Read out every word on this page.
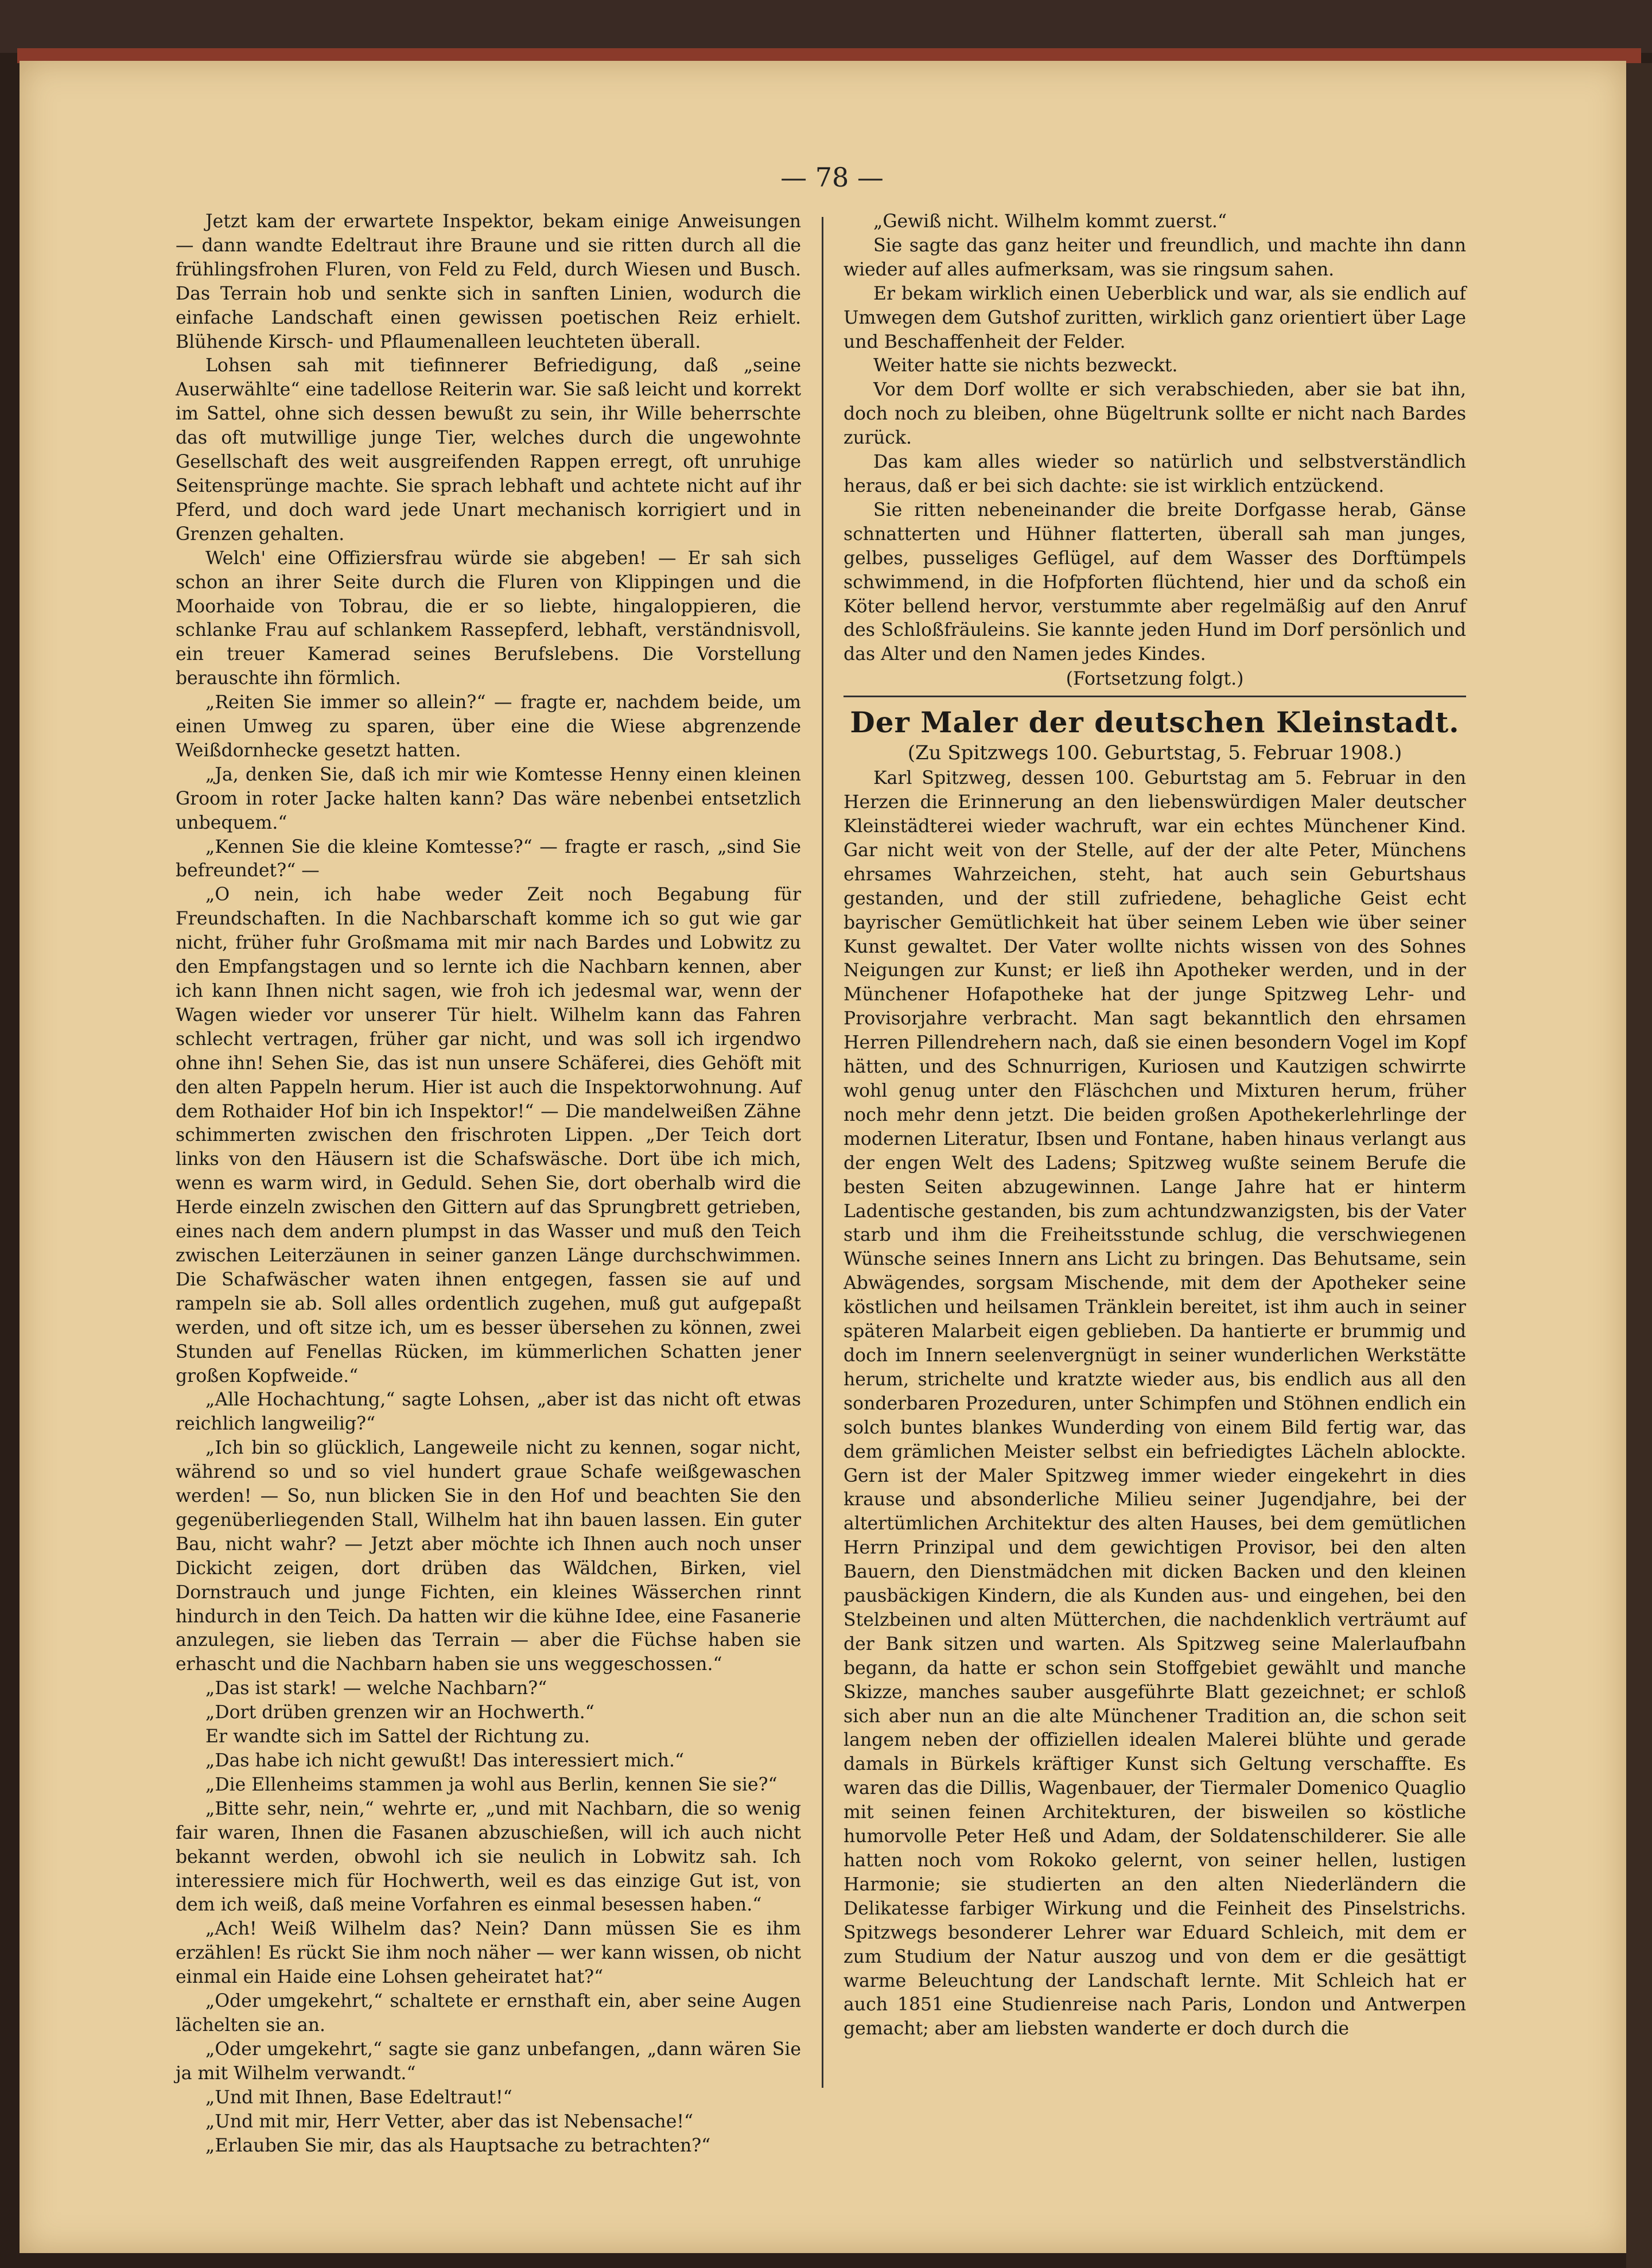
— 78 —

Jetzt kam der erwartete Inspektor, bekam einige Anweisungen — dann wandte Edeltraut ihre Braune und sie ritten durch all die frühlingsfrohen Fluren, von Feld zu Feld, durch Wiesen und Busch. Das Terrain hob und senkte sich in sanften Linien, wodurch die einfache Landschaft einen gewissen poetischen Reiz erhielt. Blühende Kirsch- und Pflaumenalleen leuchteten überall.

Lohsen sah mit tiefinnerer Befriedigung, daß „seine Auserwählte“ eine tadellose Reiterin war. Sie saß leicht und korrekt im Sattel, ohne sich dessen bewußt zu sein, ihr Wille beherrschte das oft mutwillige junge Tier, welches durch die ungewohnte Gesellschaft des weit ausgreifenden Rappen erregt, oft unruhige Seitensprünge machte. Sie sprach lebhaft und achtete nicht auf ihr Pferd, und doch ward jede Unart mechanisch korrigiert und in Grenzen gehalten.

Welch' eine Offiziersfrau würde sie abgeben! — Er sah sich schon an ihrer Seite durch die Fluren von Klippingen und die Moorhaide von Tobrau, die er so liebte, hingaloppieren, die schlanke Frau auf schlankem Rassepferd, lebhaft, verständnisvoll, ein treuer Kamerad seines Berufslebens. Die Vorstellung berauschte ihn förmlich.

„Reiten Sie immer so allein?“ — fragte er, nachdem beide, um einen Umweg zu sparen, über eine die Wiese abgrenzende Weißdornhecke gesetzt hatten.

„Ja, denken Sie, daß ich mir wie Komtesse Henny einen kleinen Groom in roter Jacke halten kann? Das wäre nebenbei entsetzlich unbequem.“

„Kennen Sie die kleine Komtesse?“ — fragte er rasch, „sind Sie befreundet?“ —

„O nein, ich habe weder Zeit noch Begabung für Freundschaften. In die Nachbarschaft komme ich so gut wie gar nicht, früher fuhr Großmama mit mir nach Bardes und Lobwitz zu den Empfangstagen und so lernte ich die Nachbarn kennen, aber ich kann Ihnen nicht sagen, wie froh ich jedesmal war, wenn der Wagen wieder vor unserer Tür hielt. Wilhelm kann das Fahren schlecht vertragen, früher gar nicht, und was soll ich irgendwo ohne ihn! Sehen Sie, das ist nun unsere Schäferei, dies Gehöft mit den alten Pappeln herum. Hier ist auch die Inspektorwohnung. Auf dem Rothaider Hof bin ich Inspektor!“ — Die mandelweißen Zähne schimmerten zwischen den frischroten Lippen. „Der Teich dort links von den Häusern ist die Schafswäsche. Dort übe ich mich, wenn es warm wird, in Geduld. Sehen Sie, dort oberhalb wird die Herde einzeln zwischen den Gittern auf das Sprungbrett getrieben, eines nach dem andern plumpst in das Wasser und muß den Teich zwischen Leiterzäunen in seiner ganzen Länge durchschwimmen. Die Schafwäscher waten ihnen entgegen, fassen sie auf und rampeln sie ab. Soll alles ordentlich zugehen, muß gut aufgepaßt werden, und oft sitze ich, um es besser übersehen zu können, zwei Stunden auf Fenellas Rücken, im kümmerlichen Schatten jener großen Kopfweide.“

„Alle Hochachtung,“ sagte Lohsen, „aber ist das nicht oft etwas reichlich langweilig?“

„Ich bin so glücklich, Langeweile nicht zu kennen, sogar nicht, während so und so viel hundert graue Schafe weißgewaschen werden! — So, nun blicken Sie in den Hof und beachten Sie den gegenüberliegenden Stall, Wilhelm hat ihn bauen lassen. Ein guter Bau, nicht wahr? — Jetzt aber möchte ich Ihnen auch noch unser Dickicht zeigen, dort drüben das Wäldchen, Birken, viel Dornstrauch und junge Fichten, ein kleines Wässerchen rinnt hindurch in den Teich. Da hatten wir die kühne Idee, eine Fasanerie anzulegen, sie lieben das Terrain — aber die Füchse haben sie erhascht und die Nachbarn haben sie uns weggeschossen.“

„Das ist stark! — welche Nachbarn?“

„Dort drüben grenzen wir an Hochwerth.“

Er wandte sich im Sattel der Richtung zu.

„Das habe ich nicht gewußt! Das interessiert mich.“

„Die Ellenheims stammen ja wohl aus Berlin, kennen Sie sie?“

„Bitte sehr, nein,“ wehrte er, „und mit Nachbarn, die so wenig fair waren, Ihnen die Fasanen abzuschießen, will ich auch nicht bekannt werden, obwohl ich sie neulich in Lobwitz sah. Ich interessiere mich für Hochwerth, weil es das einzige Gut ist, von dem ich weiß, daß meine Vorfahren es einmal besessen haben.“

„Ach! Weiß Wilhelm das? Nein? Dann müssen Sie es ihm erzählen! Es rückt Sie ihm noch näher — wer kann wissen, ob nicht einmal ein Haide eine Lohsen geheiratet hat?“

„Oder umgekehrt,“ schaltete er ernsthaft ein, aber seine Augen lächelten sie an.

„Oder umgekehrt,“ sagte sie ganz unbefangen, „dann wären Sie ja mit Wilhelm verwandt.“

„Und mit Ihnen, Base Edeltraut!“

„Und mit mir, Herr Vetter, aber das ist Nebensache!“

„Erlauben Sie mir, das als Hauptsache zu betrachten?“

„Gewiß nicht. Wilhelm kommt zuerst.“

Sie sagte das ganz heiter und freundlich, und machte ihn dann wieder auf alles aufmerksam, was sie ringsum sahen.

Er bekam wirklich einen Ueberblick und war, als sie endlich auf Umwegen dem Gutshof zuritten, wirklich ganz orientiert über Lage und Beschaffenheit der Felder.

Weiter hatte sie nichts bezweckt.

Vor dem Dorf wollte er sich verabschieden, aber sie bat ihn, doch noch zu bleiben, ohne Bügeltrunk sollte er nicht nach Bardes zurück.

Das kam alles wieder so natürlich und selbstverständlich heraus, daß er bei sich dachte: sie ist wirklich entzückend.

Sie ritten nebeneinander die breite Dorfgasse herab, Gänse schnatterten und Hühner flatterten, überall sah man junges, gelbes, pusseliges Geflügel, auf dem Wasser des Dorftümpels schwimmend, in die Hofpforten flüchtend, hier und da schoß ein Köter bellend hervor, verstummte aber regelmäßig auf den Anruf des Schloßfräuleins. Sie kannte jeden Hund im Dorf persönlich und das Alter und den Namen jedes Kindes.

(Fortsetzung folgt.)

Der Maler der deutschen Kleinstadt.
(Zu Spitzwegs 100. Geburtstag, 5. Februar 1908.)

Karl Spitzweg, dessen 100. Geburtstag am 5. Februar in den Herzen die Erinnerung an den liebenswürdigen Maler deutscher Kleinstädterei wieder wachruft, war ein echtes Münchener Kind. Gar nicht weit von der Stelle, auf der der alte Peter, Münchens ehrsames Wahrzeichen, steht, hat auch sein Geburtshaus gestanden, und der still zufriedene, behagliche Geist echt bayrischer Gemütlichkeit hat über seinem Leben wie über seiner Kunst gewaltet. Der Vater wollte nichts wissen von des Sohnes Neigungen zur Kunst; er ließ ihn Apotheker werden, und in der Münchener Hofapotheke hat der junge Spitzweg Lehr- und Provisorjahre verbracht. Man sagt bekanntlich den ehrsamen Herren Pillendrehern nach, daß sie einen besondern Vogel im Kopf hätten, und des Schnurrigen, Kuriosen und Kautzigen schwirrte wohl genug unter den Fläschchen und Mixturen herum, früher noch mehr denn jetzt. Die beiden großen Apothekerlehrlinge der modernen Literatur, Ibsen und Fontane, haben hinaus verlangt aus der engen Welt des Ladens; Spitzweg wußte seinem Berufe die besten Seiten abzugewinnen. Lange Jahre hat er hinterm Ladentische gestanden, bis zum achtundzwanzigsten, bis der Vater starb und ihm die Freiheitsstunde schlug, die verschwiegenen Wünsche seines Innern ans Licht zu bringen. Das Behutsame, sein Abwägendes, sorgsam Mischende, mit dem der Apotheker seine köstlichen und heilsamen Tränklein bereitet, ist ihm auch in seiner späteren Malarbeit eigen geblieben. Da hantierte er brummig und doch im Innern seelenvergnügt in seiner wunderlichen Werkstätte herum, strichelte und kratzte wieder aus, bis endlich aus all den sonderbaren Prozeduren, unter Schimpfen und Stöhnen endlich ein solch buntes blankes Wunderding von einem Bild fertig war, das dem grämlichen Meister selbst ein befriedigtes Lächeln ablockte. Gern ist der Maler Spitzweg immer wieder eingekehrt in dies krause und absonderliche Milieu seiner Jugendjahre, bei der altertümlichen Architektur des alten Hauses, bei dem gemütlichen Herrn Prinzipal und dem gewichtigen Provisor, bei den alten Bauern, den Dienstmädchen mit dicken Backen und den kleinen pausbäckigen Kindern, die als Kunden aus- und eingehen, bei den Stelzbeinen und alten Mütterchen, die nachdenklich verträumt auf der Bank sitzen und warten. Als Spitzweg seine Malerlaufbahn begann, da hatte er schon sein Stoffgebiet gewählt und manche Skizze, manches sauber ausgeführte Blatt gezeichnet; er schloß sich aber nun an die alte Münchener Tradition an, die schon seit langem neben der offiziellen idealen Malerei blühte und gerade damals in Bürkels kräftiger Kunst sich Geltung verschaffte. Es waren das die Dillis, Wagenbauer, der Tiermaler Domenico Quaglio mit seinen feinen Architekturen, der bisweilen so köstliche humorvolle Peter Heß und Adam, der Soldatenschilderer. Sie alle hatten noch vom Rokoko gelernt, von seiner hellen, lustigen Harmonie; sie studierten an den alten Niederländern die Delikatesse farbiger Wirkung und die Feinheit des Pinselstrichs. Spitzwegs besonderer Lehrer war Eduard Schleich, mit dem er zum Studium der Natur auszog und von dem er die gesättigt warme Beleuchtung der Landschaft lernte. Mit Schleich hat er auch 1851 eine Studienreise nach Paris, London und Antwerpen gemacht; aber am liebsten wanderte er doch durch die
